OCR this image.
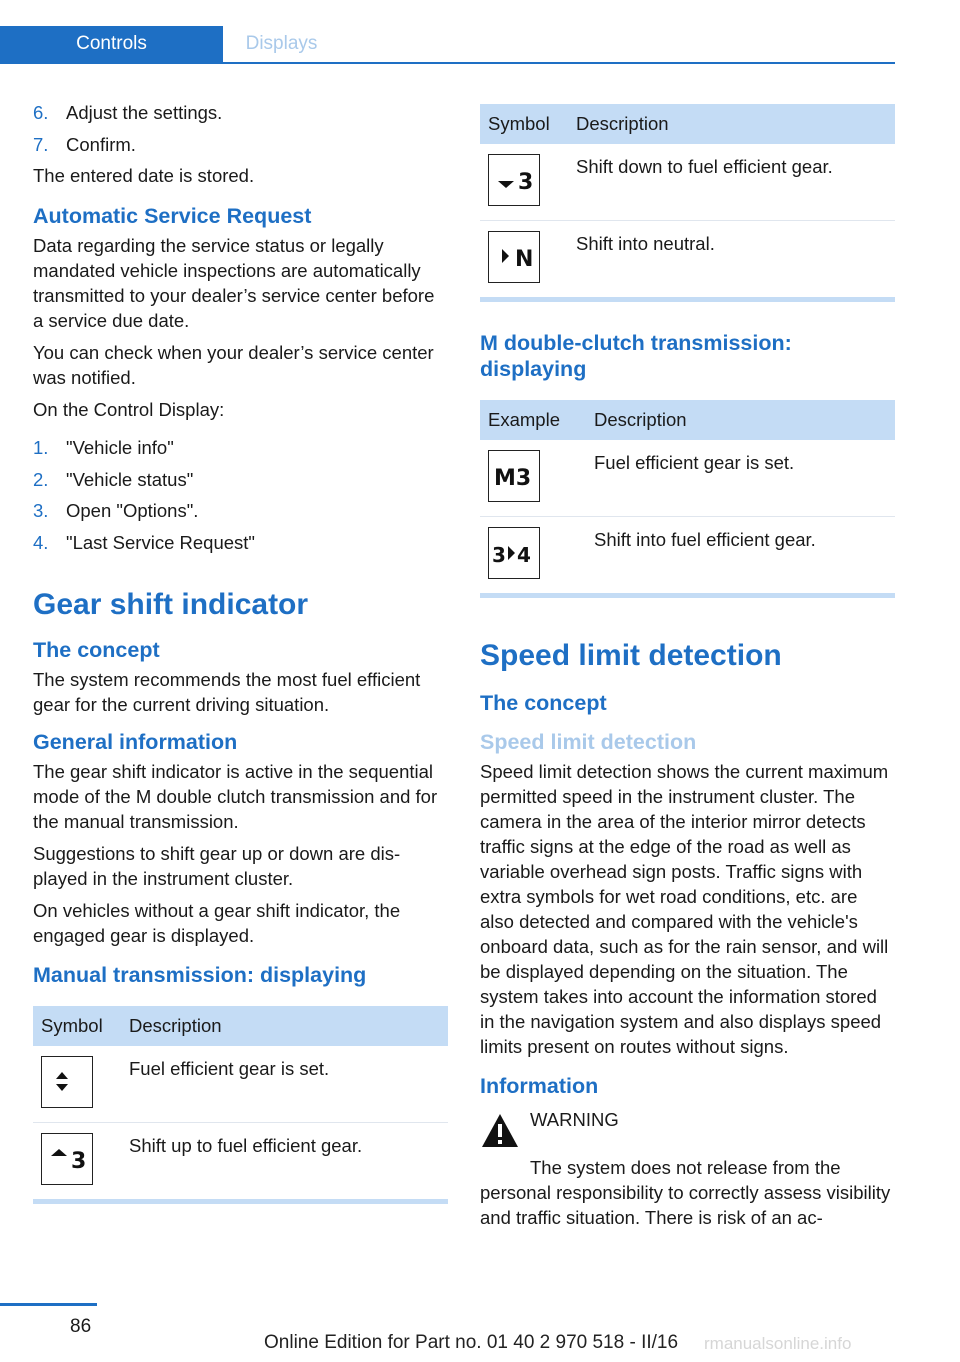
Controls	Displays
6. Adjust the settings.
7. Confirm.

The entered date is stored.

Automatic Service Request

Data regarding the service status or legally mandated vehicle inspections are automatically transmitted to your dealer’s service center before a service due date.

You can check when your dealer’s service center was notified.

On the Control Display:

1. "Vehicle info"
2. "Vehicle status"
3. Open "Options".
4. "Last Service Request"
Gear shift indicator
The concept

The system recommends the most fuel efficient gear for the current driving situation.

General information

The gear shift indicator is active in the sequential mode of the M double clutch transmission and for the manual transmission.

Suggestions to shift gear up or down are displayed in the instrument cluster.

On vehicles without a gear shift indicator, the engaged gear is displayed.

Manual transmission: displaying
Symbol	Description

	Fuel efficient gear is set.

3	Shift up to fuel efficient gear.
Symbol	Description

3	Shift down to fuel efficient gear.

N	Shift into neutral.
M double-clutch transmission: displaying
Example	Description

M3	Fuel efficient gear is set.

3 4	Shift into fuel efficient gear.
Speed limit detection
The concept
Speed limit detection

Speed limit detection shows the current maximum permitted speed in the instrument cluster. The camera in the area of the interior mirror detects traffic signs at the edge of the road as well as variable overhead sign posts. Traffic signs with extra symbols for wet road conditions, etc. are also detected and compared with the vehicle's onboard data, such as for the rain sensor, and will be displayed depending on the situation. The system takes into account the information stored in the navigation system and also displays speed limits present on routes without signs.

Information
WARNING

The system does not release from the personal responsibility to correctly assess visibility and traffic situation. There is risk of an ac-

86
Online Edition for Part no. 01 40 2 970 518 - II/16 rmanualsonline.info
